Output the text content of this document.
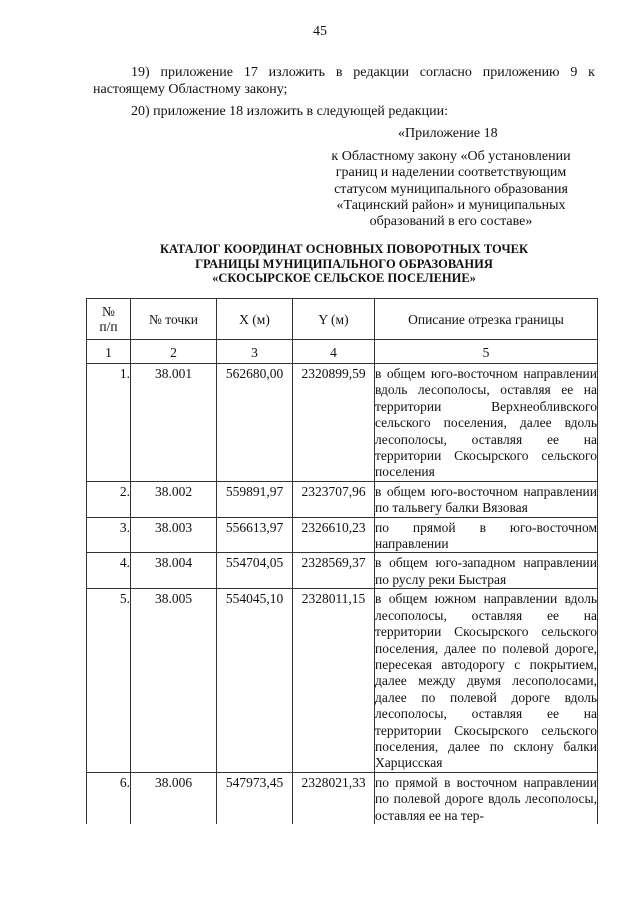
45
19) приложение 17 изложить в редакции согласно приложению 9 к настоящему Областному закону;
20) приложение 18 изложить в следующей редакции:
«Приложение 18
к Областному закону «Об установлении
границ и наделении соответствующим
статусом муниципального образования
«Тацинский район» и муниципальных
образований в его составе»
КАТАЛОГ КООРДИНАТ ОСНОВНЫХ ПОВОРОТНЫХ ТОЧЕК
ГРАНИЦЫ МУНИЦИПАЛЬНОГО ОБРАЗОВАНИЯ
«СКОСЫРСКОЕ СЕЛЬСКОЕ ПОСЕЛЕНИЕ»
№
п/п	№ точки	X (м)	Y (м)	Описание отрезка границы
1	2	3	4	5
1.	38.001	562680,00	2320899,59	в общем юго-восточном направлении вдоль лесополосы, оставляя ее на территории Верхнеобливского сельского поселения, далее вдоль лесополосы, оставляя ее на территории Скосырского сельского поселения
2.	38.002	559891,97	2323707,96	в общем юго-восточном направлении по тальвегу балки Вязовая
3.	38.003	556613,97	2326610,23	по прямой в юго-восточном направлении
4.	38.004	554704,05	2328569,37	в общем юго-западном направлении по руслу реки Быстрая
5.	38.005	554045,10	2328011,15	в общем южном направлении вдоль лесополосы, оставляя ее на территории Скосырского сельского поселения, далее по полевой дороге, пересекая автодорогу с покрытием, далее между двумя лесополосами, далее по полевой дороге вдоль лесополосы, оставляя ее на территории Скосырского сельского поселения, далее по склону балки Харцисская
6.	38.006	547973,45	2328021,33	по прямой в восточном направлении по полевой дороге вдоль лесополосы, оставляя ее на тер-
